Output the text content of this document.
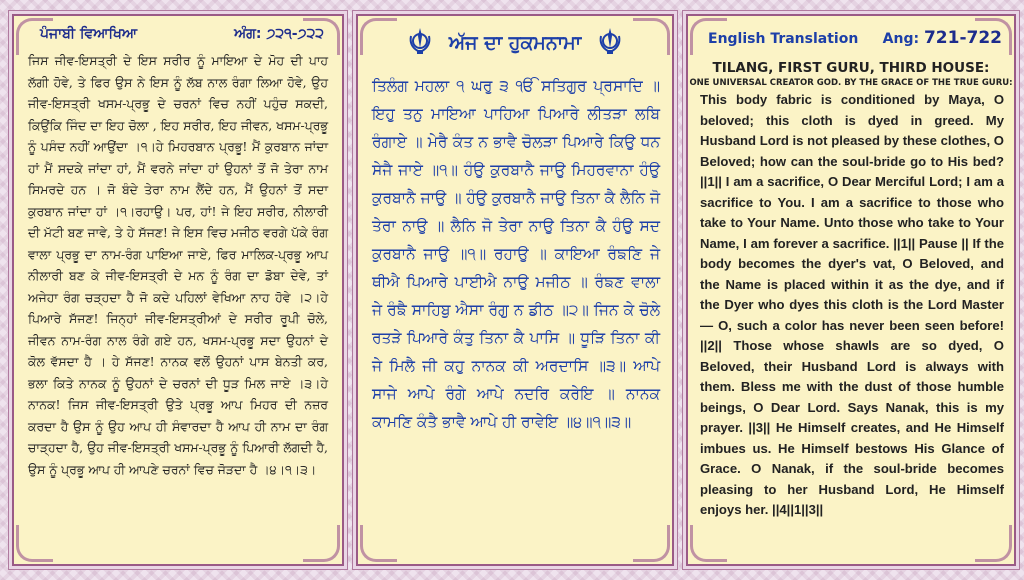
ਪੰਜਾਬੀ ਵਿਆਖਿਆ	ਅੰਗ: ੭੨੧-੭੨੨
ਜਿਸ ਜੀਵ-ਇਸਤ੍ਰੀ ਦੇ ਇਸ ਸਰੀਰ ਨੂੰ ਮਾਇਆ ਦੇ ਮੋਹ ਦੀ ਪਾਹ ਲੱਗੀ ਹੋਵੇ, ਤੇ ਫਿਰ ਉਸ ਨੇ ਇਸ ਨੂੰ ਲੱਬ ਨਾਲ ਰੰਗਾ ਲਿਆ ਹੋਵੇ, ਉਹ ਜੀਵ-ਇਸਤ੍ਰੀ ਖਸਮ-ਪ੍ਰਭੂ ਦੇ ਚਰਨਾਂ ਵਿਚ ਨਹੀਂ ਪਹੁੰਚ ਸਕਦੀ, ਕਿਉਂਕਿ ਜਿੰਦ ਦਾ ਇਹ ਚੋਲਾ , ਇਹ ਸਰੀਰ, ਇਹ ਜੀਵਨ, ਖਸਮ-ਪ੍ਰਭੂ ਨੂੰ ਪਸੰਦ ਨਹੀਂ ਆਉਂਦਾ ।੧।ਹੇ ਮਿਹਰਬਾਨ ਪ੍ਰਭੂ! ਮੈਂ ਕੁਰਬਾਨ ਜਾਂਦਾ ਹਾਂ ਮੈਂ ਸਦਕੇ ਜਾਂਦਾ ਹਾਂ, ਮੈਂ ਵਰਨੇ ਜਾਂਦਾ ਹਾਂ ਉਹਨਾਂ ਤੋਂ ਜੋ ਤੇਰਾ ਨਾਮ ਸਿਮਰਦੇ ਹਨ । ਜੋ ਬੰਦੇ ਤੇਰਾ ਨਾਮ ਲੈਂਦੇ ਹਨ, ਮੈਂ ਉਹਨਾਂ ਤੋਂ ਸਦਾ ਕੁਰਬਾਨ ਜਾਂਦਾ ਹਾਂ ।੧।ਰਹਾਉ। ਪਰ, ਹਾਂ! ਜੇ ਇਹ ਸਰੀਰ, ਨੀਲਾਰੀ ਦੀ ਮੱਟੀ ਬਣ ਜਾਵੇ, ਤੇ ਹੇ ਸੱਜਣ! ਜੇ ਇਸ ਵਿਚ ਮਜੀਠ ਵਰਗੇ ਪੱਕੇ ਰੰਗ ਵਾਲਾ ਪ੍ਰਭੂ ਦਾ ਨਾਮ-ਰੰਗ ਪਾਇਆ ਜਾਏ, ਫਿਰ ਮਾਲਿਕ-ਪ੍ਰਭੂ ਆਪ ਨੀਲਾਰੀ ਬਣ ਕੇ ਜੀਵ-ਇਸਤ੍ਰੀ ਦੇ ਮਨ ਨੂੰ ਰੰਗ ਦਾ ਡੋਬਾ ਦੇਵੇ, ਤਾਂ ਅਜੇਹਾ ਰੰਗ ਚੜ੍ਹਦਾ ਹੈ ਜੋ ਕਦੇ ਪਹਿਲਾਂ ਵੇਖਿਆ ਨਾਹ ਹੋਵੇ ।੨।ਹੇ ਪਿਆਰੇ ਸੱਜਣ! ਜਿਨ੍ਹਾਂ ਜੀਵ-ਇਸਤ੍ਰੀਆਂ ਦੇ ਸਰੀਰ ਰੂਪੀ ਚੋਲੇ, ਜੀਵਨ ਨਾਮ-ਰੰਗ ਨਾਲ ਰੰਗੇ ਗਏ ਹਨ, ਖਸਮ-ਪ੍ਰਭੂ ਸਦਾ ਉਹਨਾਂ ਦੇ ਕੋਲ ਵੱਸਦਾ ਹੈ । ਹੇ ਸੱਜਣ! ਨਾਨਕ ਵਲੋਂ ਉਹਨਾਂ ਪਾਸ ਬੇਨਤੀ ਕਰ, ਭਲਾ ਕਿਤੇ ਨਾਨਕ ਨੂੰ ਉਹਨਾਂ ਦੇ ਚਰਨਾਂ ਦੀ ਧੂੜ ਮਿਲ ਜਾਏ ।੩।ਹੇ ਨਾਨਕ! ਜਿਸ ਜੀਵ-ਇਸਤ੍ਰੀ ਉਤੇ ਪ੍ਰਭੂ ਆਪ ਮਿਹਰ ਦੀ ਨਜ਼ਰ ਕਰਦਾ ਹੈ ਉਸ ਨੂੰ ਉਹ ਆਪ ਹੀ ਸੰਵਾਰਦਾ ਹੈ ਆਪ ਹੀ ਨਾਮ ਦਾ ਰੰਗ ਚਾੜ੍ਹਦਾ ਹੈ, ਉਹ ਜੀਵ-ਇਸਤ੍ਰੀ ਖਸਮ-ਪ੍ਰਭੂ ਨੂੰ ਪਿਆਰੀ ਲੱਗਦੀ ਹੈ, ਉਸ ਨੂੰ ਪ੍ਰਭੂ ਆਪ ਹੀ ਆਪਣੇ ਚਰਨਾਂ ਵਿਚ ਜੋੜਦਾ ਹੈ ।੪।੧।੩।
ਅੱਜ ਦਾ ਹੁਕਮਨਾਮਾ
ਤਿਲੰਗ ਮਹਲਾ ੧ ਘਰੁ ੩ ੴ ਸਤਿਗੁਰ ਪ੍ਰਸਾਦਿ ॥ ਇਹੁ ਤਨੁ ਮਾਇਆ ਪਾਹਿਆ ਪਿਆਰੇ ਲੀਤੜਾ ਲਬਿ ਰੰਗਾਏ ॥ ਮੇਰੈ ਕੰਤ ਨ ਭਾਵੈ ਚੋਲੜਾ ਪਿਆਰੇ ਕਿਉ ਧਨ ਸੇਜੈ ਜਾਏ ॥੧॥ ਹੰਉ ਕੁਰਬਾਨੈ ਜਾਉ ਮਿਹਰਵਾਨਾ ਹੰਉ ਕੁਰਬਾਨੈ ਜਾਉ ॥ ਹੰਉ ਕੁਰਬਾਨੈ ਜਾਉ ਤਿਨਾ ਕੈ ਲੈਨਿ ਜੋ ਤੇਰਾ ਨਾਉ ॥ ਲੈਨਿ ਜੋ ਤੇਰਾ ਨਾਉ ਤਿਨਾ ਕੈ ਹੰਉ ਸਦ ਕੁਰਬਾਨੈ ਜਾਉ ॥੧॥ ਰਹਾਉ ॥ ਕਾਇਆ ਰੰਙਣਿ ਜੇ ਥੀਐ ਪਿਆਰੇ ਪਾਈਐ ਨਾਉ ਮਜੀਠ ॥ ਰੰਙਣ ਵਾਲਾ ਜੇ ਰੰਙੈ ਸਾਹਿਬੁ ਐਸਾ ਰੰਗੁ ਨ ਡੀਠ ॥੨॥ ਜਿਨ ਕੇ ਚੋਲੇ ਰਤੜੇ ਪਿਆਰੇ ਕੰਤੁ ਤਿਨਾ ਕੈ ਪਾਸਿ ॥ ਧੂੜਿ ਤਿਨਾ ਕੀ ਜੇ ਮਿਲੈ ਜੀ ਕਹੁ ਨਾਨਕ ਕੀ ਅਰਦਾਸਿ ॥੩॥ ਆਪੇ ਸਾਜੇ ਆਪੇ ਰੰਗੇ ਆਪੇ ਨਦਰਿ ਕਰੇਇ ॥ ਨਾਨਕ ਕਾਮਣਿ ਕੰਤੈ ਭਾਵੈ ਆਪੇ ਹੀ ਰਾਵੇਇ ॥੪॥੧॥੩॥
English Translation Ang: 721-722
TILANG, FIRST GURU, THIRD HOUSE:
ONE UNIVERSAL CREATOR GOD. BY THE GRACE OF THE TRUE GURU:
This body fabric is conditioned by Maya, O beloved; this cloth is dyed in greed. My Husband Lord is not pleased by these clothes, O Beloved; how can the soul-bride go to His bed? ||1|| I am a sacrifice, O Dear Merciful Lord; I am a sacrifice to You. I am a sacrifice to those who take to Your Name. Unto those who take to Your Name, I am forever a sacrifice. ||1|| Pause || If the body becomes the dyer's vat, O Beloved, and the Name is placed within it as the dye, and if the Dyer who dyes this cloth is the Lord Master — O, such a color has never been seen before! ||2|| Those whose shawls are so dyed, O Beloved, their Husband Lord is always with them. Bless me with the dust of those humble beings, O Dear Lord. Says Nanak, this is my prayer. ||3|| He Himself creates, and He Himself imbues us. He Himself bestows His Glance of Grace. O Nanak, if the soul-bride becomes pleasing to her Husband Lord, He Himself enjoys her. ||4||1||3||
